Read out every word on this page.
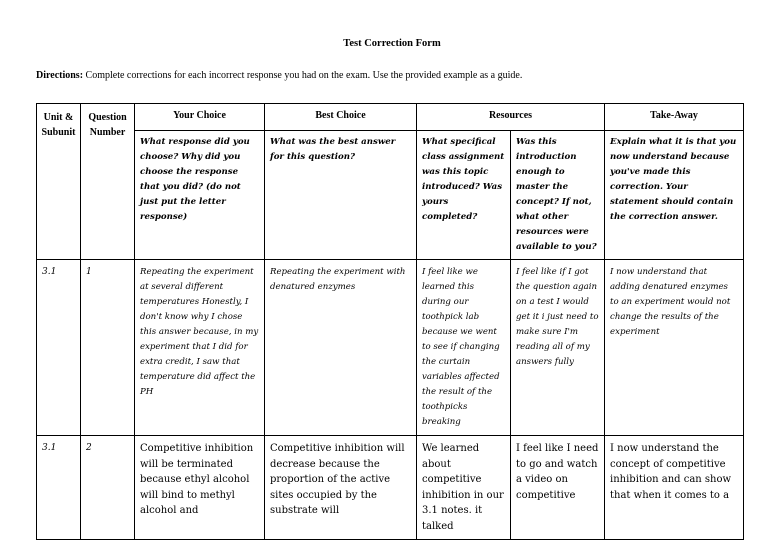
Test Correction Form
Directions: Complete corrections for each incorrect response you had on the exam. Use the provided example as a guide.
Unit & Subunit	Question Number	Your Choice	Best Choice	Resources		Take-Away
		What response did you choose? Why did you choose the response that you did? (do not just put the letter response)	What was the best answer for this question?	What specifical class assignment was this topic introduced? Was yours completed?	Was this introduction enough to master the concept? If not, what other resources were available to you?	Explain what it is that you now understand because you've made this correction. Your statement should contain the correction answer.
3.1	1	Repeating the experiment at several different temperatures Honestly, I don't know why I chose this answer because, in my experiment that I did for extra credit, I saw that temperature did affect the PH	Repeating the experiment with denatured enzymes	I feel like we learned this during our toothpick lab because we went to see if changing the curtain variables affected the result of the toothpicks breaking	I feel like if I got the question again on a test I would get it i just need to make sure I'm reading all of my answers fully	I now understand that adding denatured enzymes to an experiment would not change the results of the experiment
3.1	2	Competitive inhibition will be terminated because ethyl alcohol will bind to methyl alcohol and	Competitive inhibition will decrease because the proportion of the active sites occupied by the substrate will	We learned about competitive inhibition in our 3.1 notes. it talked	I feel like I need to go and watch a video on competitive	I now understand the concept of competitive inhibition and can show that when it comes to a
